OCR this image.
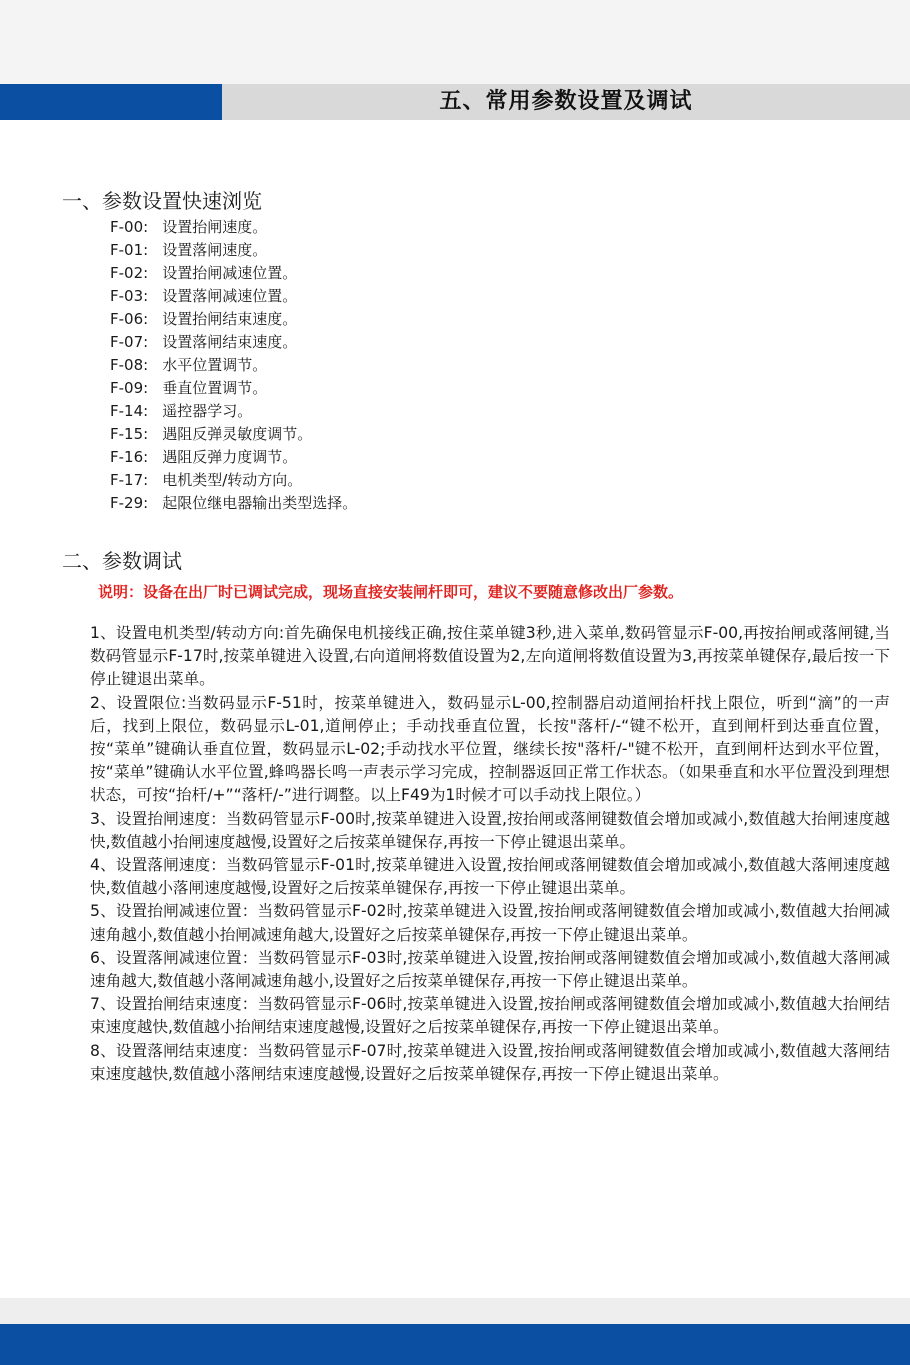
五、常用参数设置及调试
一、参数设置快速浏览
F-00: 设置抬闸速度。
F-01: 设置落闸速度。
F-02: 设置抬闸减速位置。
F-03: 设置落闸减速位置。
F-06: 设置抬闸结束速度。
F-07: 设置落闸结束速度。
F-08: 水平位置调节。
F-09: 垂直位置调节。
F-14: 遥控器学习。
F-15: 遇阻反弹灵敏度调节。
F-16: 遇阻反弹力度调节。
F-17: 电机类型/转动方向。
F-29: 起限位继电器输出类型选择。
二、参数调试
说明：设备在出厂时已调试完成，现场直接安装闸杆即可，建议不要随意修改出厂参数。

1、设置电机类型/转动方向:首先确保电机接线正确,按住菜单键3秒,进入菜单,数码管显示F-00,再按抬闸或落闸键,当数码管显示F-17时,按菜单键进入设置,右向道闸将数值设置为2,左向道闸将数值设置为3,再按菜单键保存,最后按一下停止键退出菜单。

2、设置限位:当数码显示F-51时，按菜单键进入，数码显示L-00,控制器启动道闸抬杆找上限位，听到“滴”的一声后，找到上限位，数码显示L-01,道闸停止；手动找垂直位置，长按"落杆/-“键不松开，直到闸杆到达垂直位置，按“菜单”键确认垂直位置，数码显示L-02;手动找水平位置，继续长按"落杆/-"键不松开，直到闸杆达到水平位置，按“菜单”键确认水平位置,蜂鸣器长鸣一声表示学习完成，控制器返回正常工作状态。（如果垂直和水平位置没到理想状态，可按“抬杆/+”“落杆/-”进行调整。以上F49为1时候才可以手动找上限位。）

3、设置抬闸速度：当数码管显示F-00时,按菜单键进入设置,按抬闸或落闸键数值会增加或减小,数值越大抬闸速度越快,数值越小抬闸速度越慢,设置好之后按菜单键保存,再按一下停止键退出菜单。

4、设置落闸速度：当数码管显示F-01时,按菜单键进入设置,按抬闸或落闸键数值会增加或减小,数值越大落闸速度越快,数值越小落闸速度越慢,设置好之后按菜单键保存,再按一下停止键退出菜单。

5、设置抬闸减速位置：当数码管显示F-02时,按菜单键进入设置,按抬闸或落闸键数值会增加或减小,数值越大抬闸减速角越小,数值越小抬闸减速角越大,设置好之后按菜单键保存,再按一下停止键退出菜单。

6、设置落闸减速位置：当数码管显示F-03时,按菜单键进入设置,按抬闸或落闸键数值会增加或减小,数值越大落闸减速角越大,数值越小落闸减速角越小,设置好之后按菜单键保存,再按一下停止键退出菜单。

7、设置抬闸结束速度：当数码管显示F-06时,按菜单键进入设置,按抬闸或落闸键数值会增加或减小,数值越大抬闸结束速度越快,数值越小抬闸结束速度越慢,设置好之后按菜单键保存,再按一下停止键退出菜单。

8、设置落闸结束速度：当数码管显示F-07时,按菜单键进入设置,按抬闸或落闸键数值会增加或减小,数值越大落闸结束速度越快,数值越小落闸结束速度越慢,设置好之后按菜单键保存,再按一下停止键退出菜单。
